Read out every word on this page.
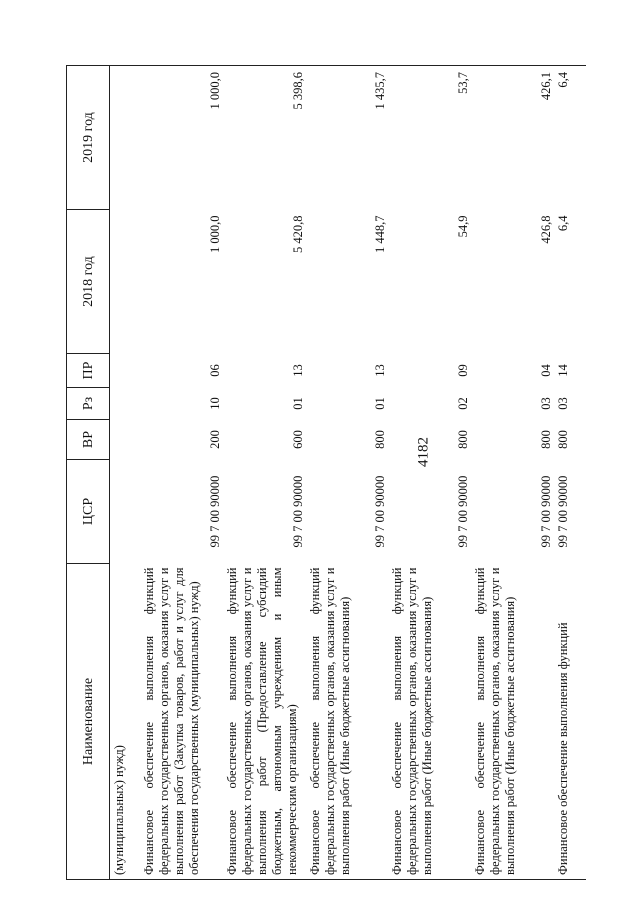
4182
Наименование	ЦСР	ВР	Рз	ПР	2018 год	2019 год
(муниципальных) нужд)						
Финансовое обеспечение выполнения функций федеральных государственных органов, оказания услуг и выполнения работ (Закупка товаров, работ и услуг для обеспечения государственных (муниципальных) нужд)	99 7 00 90000	200	10	06	1 000,0	1 000,0
Финансовое обеспечение выполнения функций федеральных государственных органов, оказания услуг и выполнения работ (Предоставление субсидий бюджетным, автономным учреждениям и иным некоммерческим организациям)	99 7 00 90000	600	01	13	5 420,8	5 398,6
Финансовое обеспечение выполнения функций федеральных государственных органов, оказания услуг и выполнения работ (Иные бюджетные ассигнования)	99 7 00 90000	800	01	13	1 448,7	1 435,7
Финансовое обеспечение выполнения функций федеральных государственных органов, оказания услуг и выполнения работ (Иные бюджетные ассигнования)	99 7 00 90000	800	02	09	54,9	53,7
Финансовое обеспечение выполнения функций федеральных государственных органов, оказания услуг и выполнения работ (Иные бюджетные ассигнования)	99 7 00 90000	800	03	04	426,8	426,1
Финансовое обеспечение выполнения функций	99 7 00 90000	800	03	14	6,4	6,4
